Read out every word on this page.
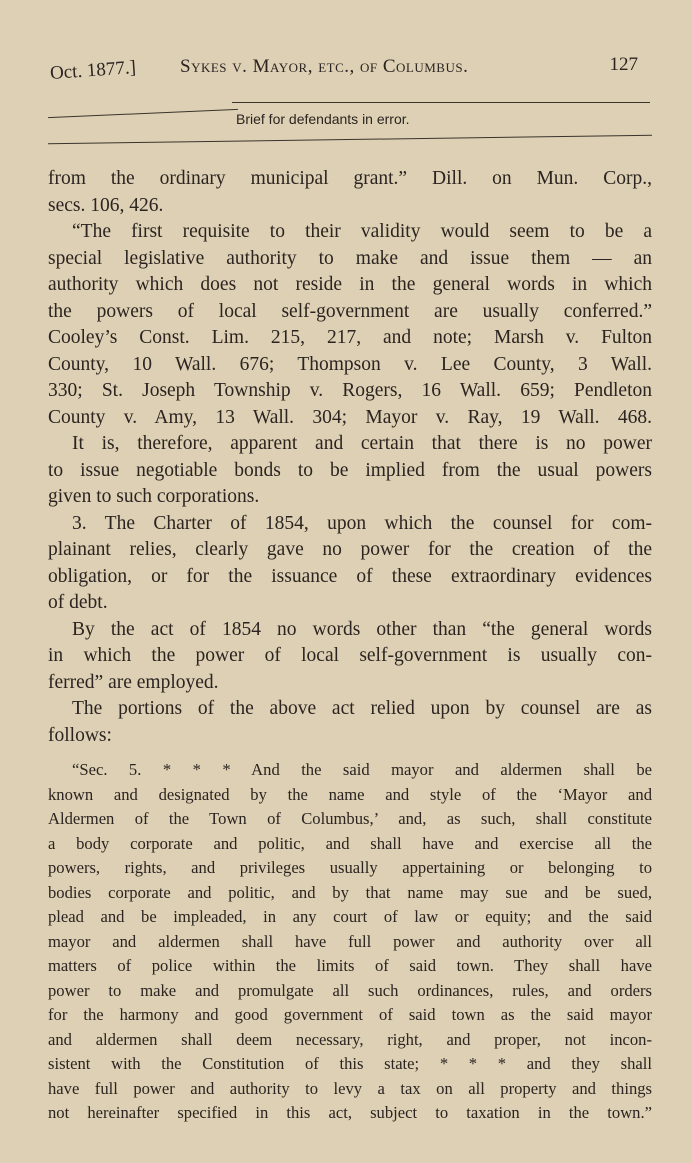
Oct. 1877.] Sykes v. Mayor, etc., of Columbus.	127
Brief for defendants in error.
from the ordinary municipal grant.” Dill. on Mun. Corp.,
secs. 106, 426.
“The first requisite to their validity would seem to be a
special legislative authority to make and issue them — an
authority which does not reside in the general words in which
the powers of local self-government are usually conferred.”
Cooley’s Const. Lim. 215, 217, and note; Marsh v. Fulton
County, 10 Wall. 676; Thompson v. Lee County, 3 Wall.
330; St. Joseph Township v. Rogers, 16 Wall. 659; Pendleton
County v. Amy, 13 Wall. 304; Mayor v. Ray, 19 Wall. 468.
It is, therefore, apparent and certain that there is no power
to issue negotiable bonds to be implied from the usual powers
given to such corporations.
3. The Charter of 1854, upon which the counsel for com-
plainant relies, clearly gave no power for the creation of the
obligation, or for the issuance of these extraordinary evidences
of debt.
By the act of 1854 no words other than “the general words
in which the power of local self-government is usually con-
ferred” are employed.
The portions of the above act relied upon by counsel are as
follows:
“Sec. 5. * * * And the said mayor and aldermen shall be
known and designated by the name and style of the ‘Mayor and
Aldermen of the Town of Columbus,’ and, as such, shall constitute
a body corporate and politic, and shall have and exercise all the
powers, rights, and privileges usually appertaining or belonging to
bodies corporate and politic, and by that name may sue and be sued,
plead and be impleaded, in any court of law or equity; and the said
mayor and aldermen shall have full power and authority over all
matters of police within the limits of said town. They shall have
power to make and promulgate all such ordinances, rules, and orders
for the harmony and good government of said town as the said mayor
and aldermen shall deem necessary, right, and proper, not incon-
sistent with the Constitution of this state; * * * and they shall
have full power and authority to levy a tax on all property and things
not hereinafter specified in this act, subject to taxation in the town.”
